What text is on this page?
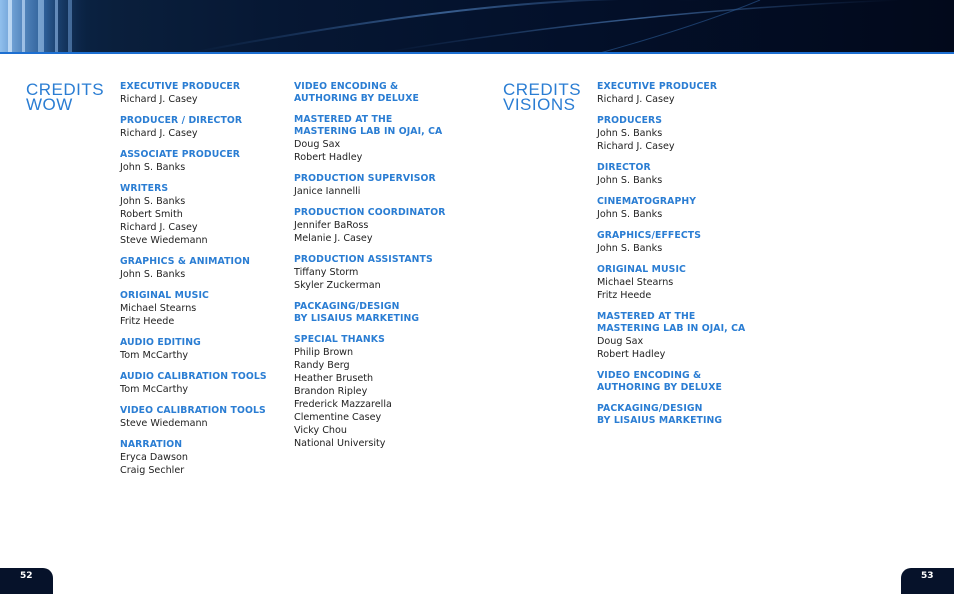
CREDITS
WOW
EXECUTIVE PRODUCER
Richard J. Casey
PRODUCER / DIRECTOR
Richard J. Casey
ASSOCIATE PRODUCER
John S. Banks
WRITERS
John S. Banks
Robert Smith
Richard J. Casey
Steve Wiedemann
GRAPHICS & ANIMATION
John S. Banks
ORIGINAL MUSIC
Michael Stearns
Fritz Heede
AUDIO EDITING
Tom McCarthy
AUDIO CALIBRATION TOOLS
Tom McCarthy
VIDEO CALIBRATION TOOLS
Steve Wiedemann
NARRATION
Eryca Dawson
Craig Sechler
VIDEO ENCODING &
AUTHORING BY DELUXE
MASTERED AT THE
MASTERING LAB IN OJAI, CA
Doug Sax
Robert Hadley
PRODUCTION SUPERVISOR
Janice Iannelli
PRODUCTION COORDINATOR
Jennifer BaRoss
Melanie J. Casey
PRODUCTION ASSISTANTS
Tiffany Storm
Skyler Zuckerman
PACKAGING/DESIGN
BY LISAIUS MARKETING
SPECIAL THANKS
Philip Brown
Randy Berg
Heather Bruseth
Brandon Ripley
Frederick Mazzarella
Clementine Casey
Vicky Chou
National University
CREDITS
VISIONS
EXECUTIVE PRODUCER
Richard J. Casey
PRODUCERS
John S. Banks
Richard J. Casey
DIRECTOR
John S. Banks
CINEMATOGRAPHY
John S. Banks
GRAPHICS/EFFECTS
John S. Banks
ORIGINAL MUSIC
Michael Stearns
Fritz Heede
MASTERED AT THE
MASTERING LAB IN OJAI, CA
Doug Sax
Robert Hadley
VIDEO ENCODING &
AUTHORING BY DELUXE
PACKAGING/DESIGN
BY LISAIUS MARKETING
52	53
